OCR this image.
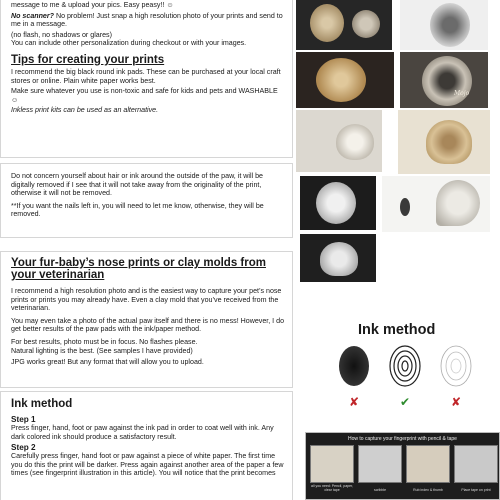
message to me & upload your pics. Easy peasy!! ☺

No scanner? No problem! Just snap a high resolution photo of your prints and send to me in a message.

(no flash, no shadows or glares)

You can include other personalization during checkout or with your images.

Tips for creating your prints

I recommend the big black round ink pads. These can be purchased at your local craft stores or online. Plain white paper works best.

Make sure whatever you use is non-toxic and safe for kids and pets and WASHABLE ☺

Inkless print kits can be used as an alternative.

Do not concern yourself about hair or ink around the outside of the paw, it will be digitally removed if I see that it will not take away from the originality of the print, otherwise it will not be removed.

**If you want the nails left in, you will need to let me know, otherwise, they will be removed.

Your fur-baby’s nose prints or clay molds from your veterinarian

I recommend a high resolution photo and is the easiest way to capture your pet’s nose prints or prints you may already have. Even a clay mold that you’ve received from the veterinarian.

You may even take a photo of the actual paw itself and there is no mess! However, I do get better results of the paw pads with the ink/paper method.

For best results, photo must be in focus. No flashes please.

Natural lighting is the best. (See samples I have provided)

JPG works great! But any format that will allow you to upload.

Ink method
Step 1

Press finger, hand, foot or paw against the ink pad in order to coat well with ink. Any dark colored ink should produce a satisfactory result.

Step 2

Carefully press finger, hand foot or paw against a piece of white paper. The first time you do this the print will be darker. Press again against another area of the paper a few times (see fingerprint illustration in this article). You will notice that the print becomes

Mojo
Ink method
✘	✔	✘
How to capture your fingerprint with pencil & tape
all you need: Pencil, paper, clear tape	scribble	Rub index & thumb	Place tape on print
